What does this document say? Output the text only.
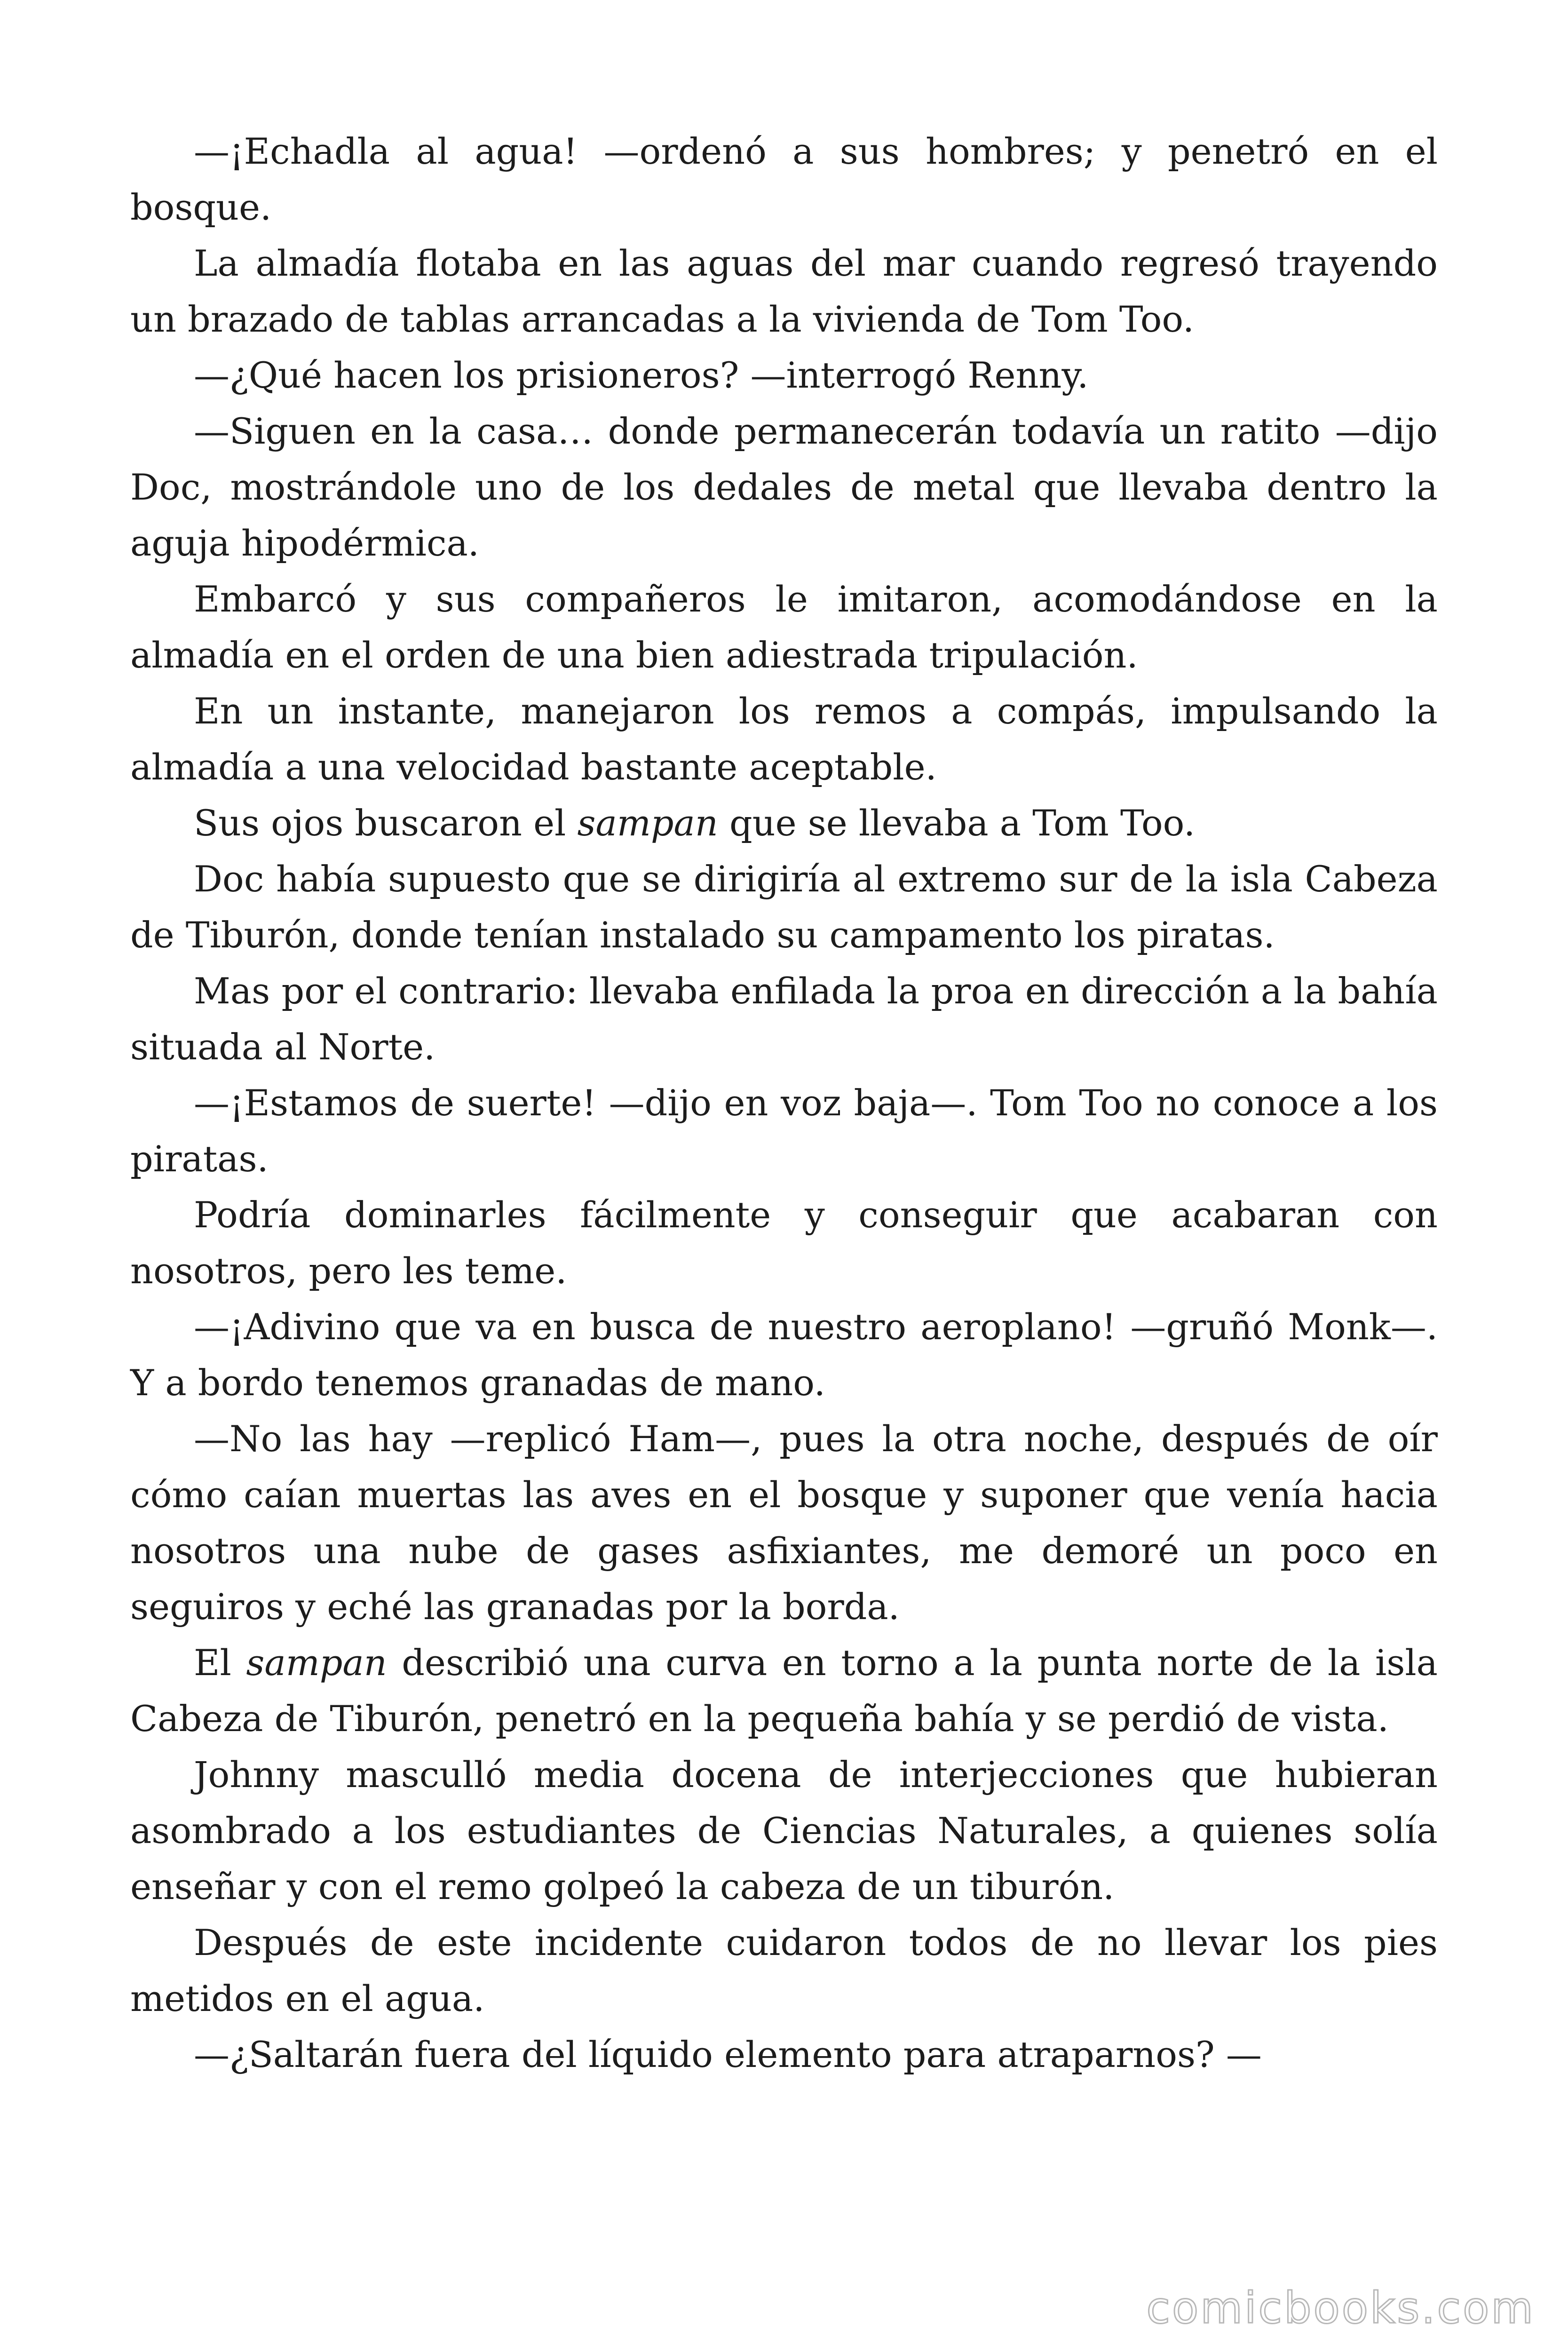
—¡Echadla al agua! —ordenó a sus hombres; y penetró en el bosque.

La almadía flotaba en las aguas del mar cuando regresó trayendo un brazado de tablas arrancadas a la vivienda de Tom Too.

—¿Qué hacen los prisioneros? —interrogó Renny.

—Siguen en la casa… donde permanecerán todavía un ratito —dijo Doc, mostrándole uno de los dedales de metal que llevaba dentro la aguja hipodérmica.

Embarcó y sus compañeros le imitaron, acomodándose en la almadía en el orden de una bien adiestrada tripulación.

En un instante, manejaron los remos a compás, impulsando la almadía a una velocidad bastante aceptable.

Sus ojos buscaron el sampan que se llevaba a Tom Too.

Doc había supuesto que se dirigiría al extremo sur de la isla Cabeza de Tiburón, donde tenían instalado su campamento los piratas.

Mas por el contrario: llevaba enfilada la proa en dirección a la bahía situada al Norte.

—¡Estamos de suerte! —dijo en voz baja—. Tom Too no conoce a los piratas.

Podría dominarles fácilmente y conseguir que acabaran con nosotros, pero les teme.

—¡Adivino que va en busca de nuestro aeroplano! —gruñó Monk—. Y a bordo tenemos granadas de mano.

—No las hay —replicó Ham—, pues la otra noche, después de oír cómo caían muertas las aves en el bosque y suponer que venía hacia nosotros una nube de gases asfixiantes, me demoré un poco en seguiros y eché las granadas por la borda.

El sampan describió una curva en torno a la punta norte de la isla Cabeza de Tiburón, penetró en la pequeña bahía y se perdió de vista.

Johnny masculló media docena de interjecciones que hubieran asombrado a los estudiantes de Ciencias Naturales, a quienes solía enseñar y con el remo golpeó la cabeza de un tiburón.

Después de este incidente cuidaron todos de no llevar los pies metidos en el agua.

—¿Saltarán fuera del líquido elemento para atraparnos? —

comicbooks.com
